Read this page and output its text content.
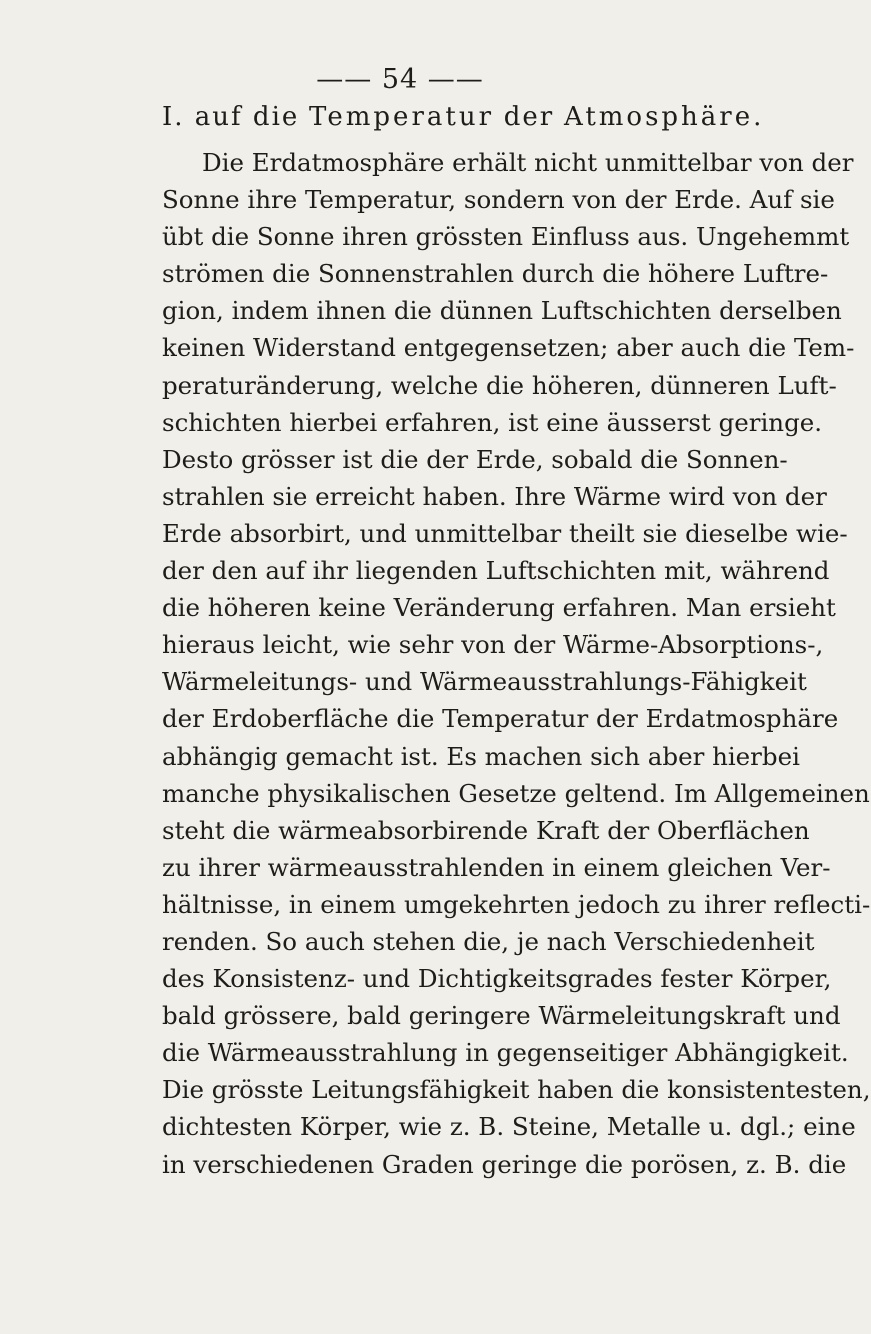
—— 54 ——
I. auf die Temperatur der Atmosphäre.
Die Erdatmosphäre erhält nicht unmittelbar von der
Sonne ihre Temperatur, sondern von der Erde. Auf sie
übt die Sonne ihren grössten Einfluss aus. Ungehemmt
strömen die Sonnenstrahlen durch die höhere Luftre-
gion, indem ihnen die dünnen Luftschichten derselben
keinen Widerstand entgegensetzen; aber auch die Tem-
peraturänderung, welche die höheren, dünneren Luft-
schichten hierbei erfahren, ist eine äusserst geringe.
Desto grösser ist die der Erde, sobald die Sonnen-
strahlen sie erreicht haben. Ihre Wärme wird von der
Erde absorbirt, und unmittelbar theilt sie dieselbe wie-
der den auf ihr liegenden Luftschichten mit, während
die höheren keine Veränderung erfahren. Man ersieht
hieraus leicht, wie sehr von der Wärme-Absorptions-,
Wärmeleitungs- und Wärmeausstrahlungs-Fähigkeit
der Erdoberfläche die Temperatur der Erdatmosphäre
abhängig gemacht ist. Es machen sich aber hierbei
manche physikalischen Gesetze geltend. Im Allgemeinen
steht die wärmeabsorbirende Kraft der Oberflächen
zu ihrer wärmeausstrahlenden in einem gleichen Ver-
hältnisse, in einem umgekehrten jedoch zu ihrer reflecti-
renden. So auch stehen die, je nach Verschiedenheit
des Konsistenz- und Dichtigkeitsgrades fester Körper,
bald grössere, bald geringere Wärmeleitungskraft und
die Wärmeausstrahlung in gegenseitiger Abhängigkeit.
Die grösste Leitungsfähigkeit haben die konsistentesten,
dichtesten Körper, wie z. B. Steine, Metalle u. dgl.; eine
in verschiedenen Graden geringe die porösen, z. B. die
